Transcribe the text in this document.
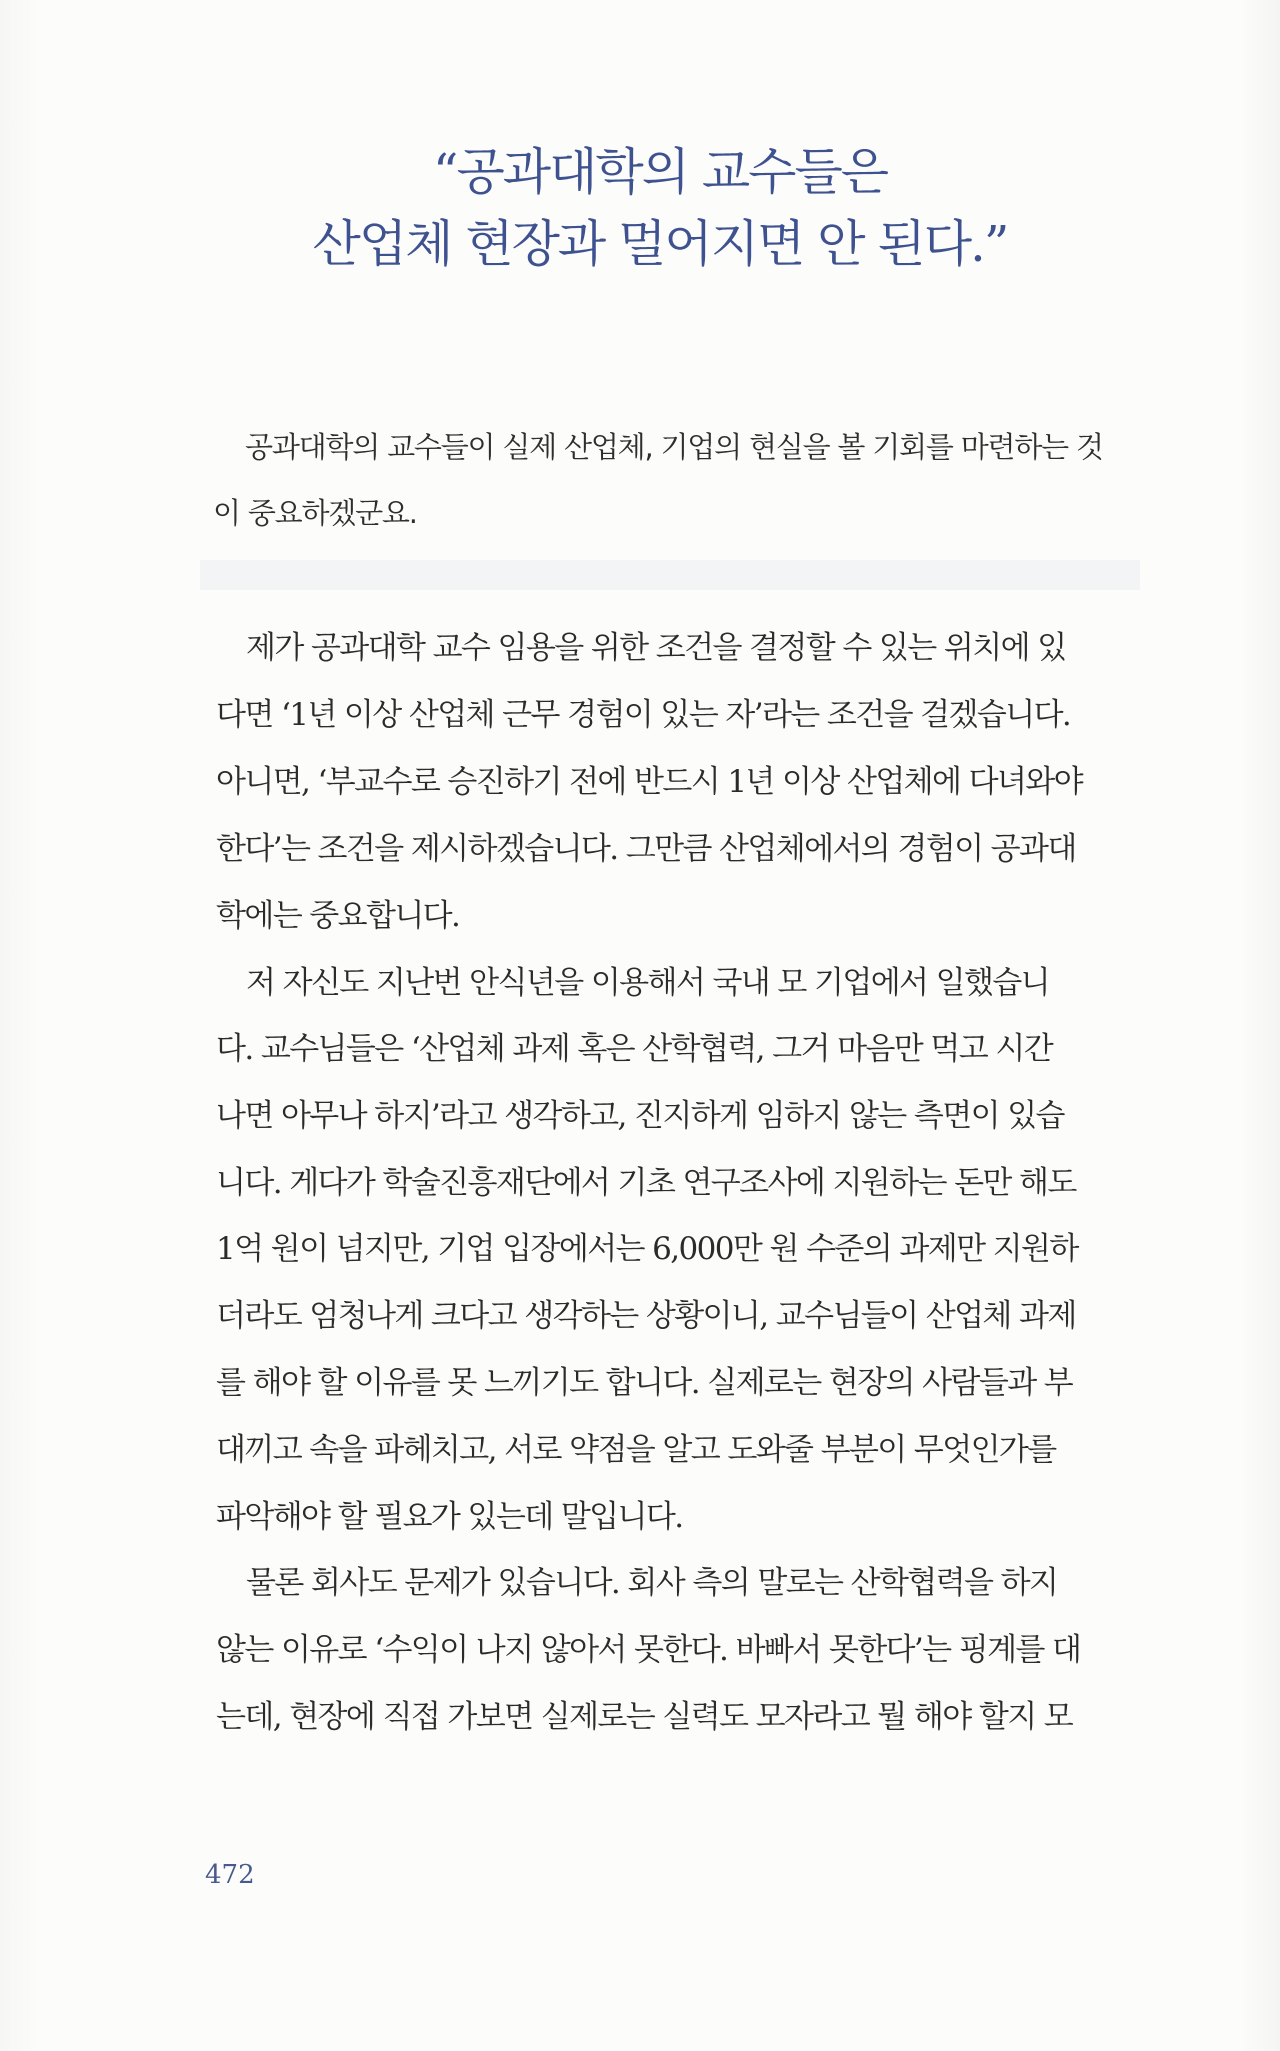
“공과대학의 교수들은
산업체 현장과 멀어지면 안 된다.”
공과대학의 교수들이 실제 산업체, 기업의 현실을 볼 기회를 마련하는 것
이 중요하겠군요.
제가 공과대학 교수 임용을 위한 조건을 결정할 수 있는 위치에 있
다면 ‘1년 이상 산업체 근무 경험이 있는 자’라는 조건을 걸겠습니다.
아니면, ‘부교수로 승진하기 전에 반드시 1년 이상 산업체에 다녀와야
한다’는 조건을 제시하겠습니다. 그만큼 산업체에서의 경험이 공과대
학에는 중요합니다.
저 자신도 지난번 안식년을 이용해서 국내 모 기업에서 일했습니
다. 교수님들은 ‘산업체 과제 혹은 산학협력, 그거 마음만 먹고 시간
나면 아무나 하지’라고 생각하고, 진지하게 임하지 않는 측면이 있습
니다. 게다가 학술진흥재단에서 기초 연구조사에 지원하는 돈만 해도
1억 원이 넘지만, 기업 입장에서는 6,000만 원 수준의 과제만 지원하
더라도 엄청나게 크다고 생각하는 상황이니, 교수님들이 산업체 과제
를 해야 할 이유를 못 느끼기도 합니다. 실제로는 현장의 사람들과 부
대끼고 속을 파헤치고, 서로 약점을 알고 도와줄 부분이 무엇인가를
파악해야 할 필요가 있는데 말입니다.
물론 회사도 문제가 있습니다. 회사 측의 말로는 산학협력을 하지
않는 이유로 ‘수익이 나지 않아서 못한다. 바빠서 못한다’는 핑계를 대
는데, 현장에 직접 가보면 실제로는 실력도 모자라고 뭘 해야 할지 모
472
